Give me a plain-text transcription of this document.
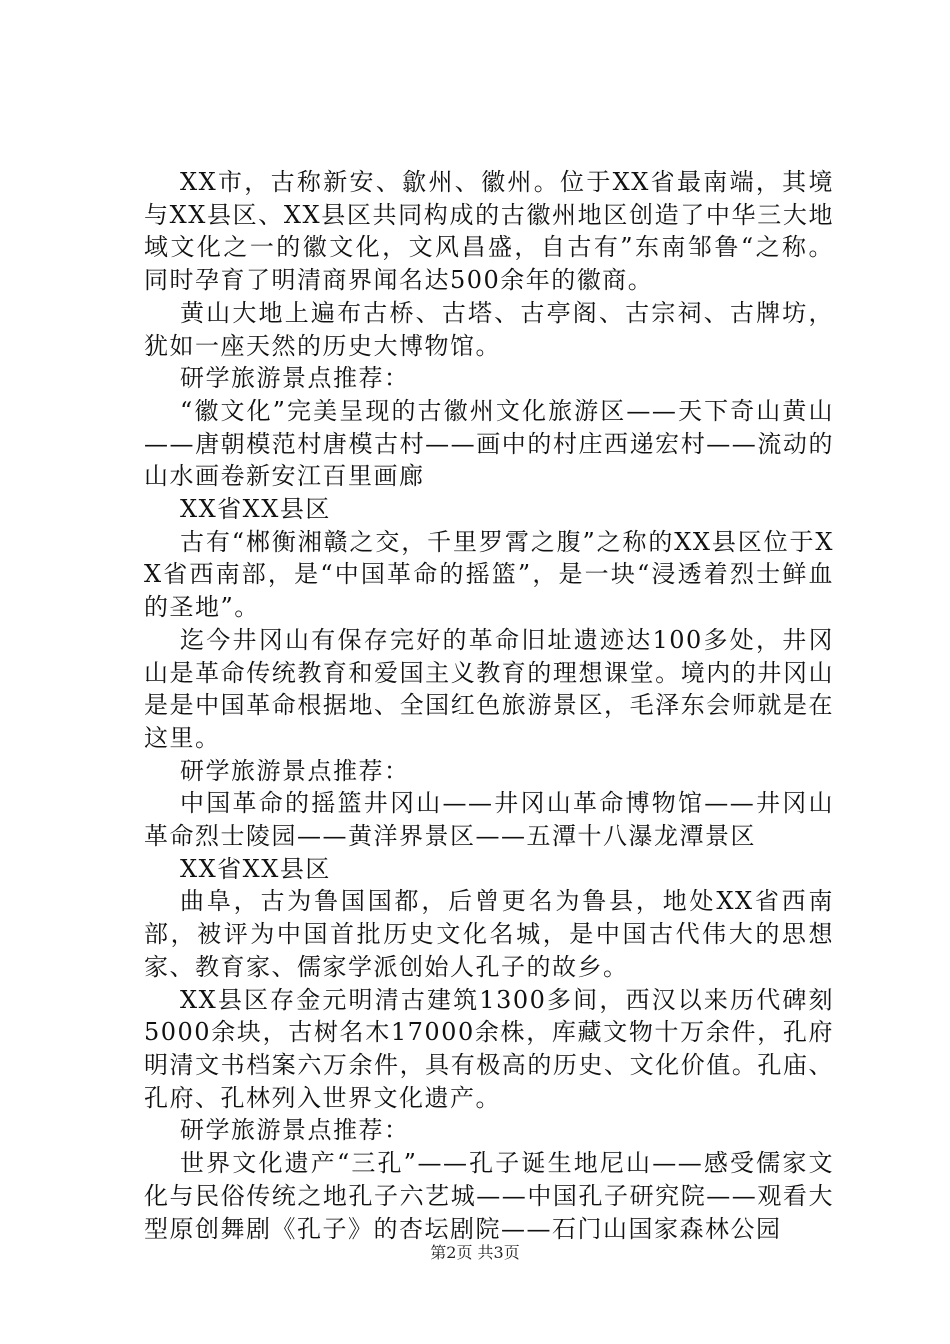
XX市，古称新安、歙州、徽州。位于XX省最南端，其境与XX县区、XX县区共同构成的古徽州地区创造了中华三大地域文化之一的徽文化，文风昌盛，自古有”东南邹鲁“之称。同时孕育了明清商界闻名达500余年的徽商。

黄山大地上遍布古桥、古塔、古亭阁、古宗祠、古牌坊，犹如一座天然的历史大博物馆。

研学旅游景点推荐：

“徽文化”完美呈现的古徽州文化旅游区——天下奇山黄山——唐朝模范村唐模古村——画中的村庄西递宏村——流动的山水画卷新安江百里画廊

XX省XX县区

古有“郴衡湘赣之交，千里罗霄之腹”之称的XX县区位于XX省西南部，是“中国革命的摇篮”，是一块“浸透着烈士鲜血的圣地”。

迄今井冈山有保存完好的革命旧址遗迹达100多处，井冈山是革命传统教育和爱国主义教育的理想课堂。境内的井冈山是是中国革命根据地、全国红色旅游景区，毛泽东会师就是在这里。

研学旅游景点推荐：

中国革命的摇篮井冈山——井冈山革命博物馆——井冈山革命烈士陵园——黄洋界景区——五潭十八瀑龙潭景区

XX省XX县区

曲阜，古为鲁国国都，后曾更名为鲁县，地处XX省西南部，被评为中国首批历史文化名城，是中国古代伟大的思想家、教育家、儒家学派创始人孔子的故乡。

XX县区存金元明清古建筑1300多间，西汉以来历代碑刻5000余块，古树名木17000余株，库藏文物十万余件，孔府明清文书档案六万余件，具有极高的历史、文化价值。孔庙、孔府、孔林列入世界文化遗产。

研学旅游景点推荐：

世界文化遗产“三孔”——孔子诞生地尼山——感受儒家文化与民俗传统之地孔子六艺城——中国孔子研究院——观看大型原创舞剧《孔子》的杏坛剧院——石门山国家森林公园

第2页 共3页
